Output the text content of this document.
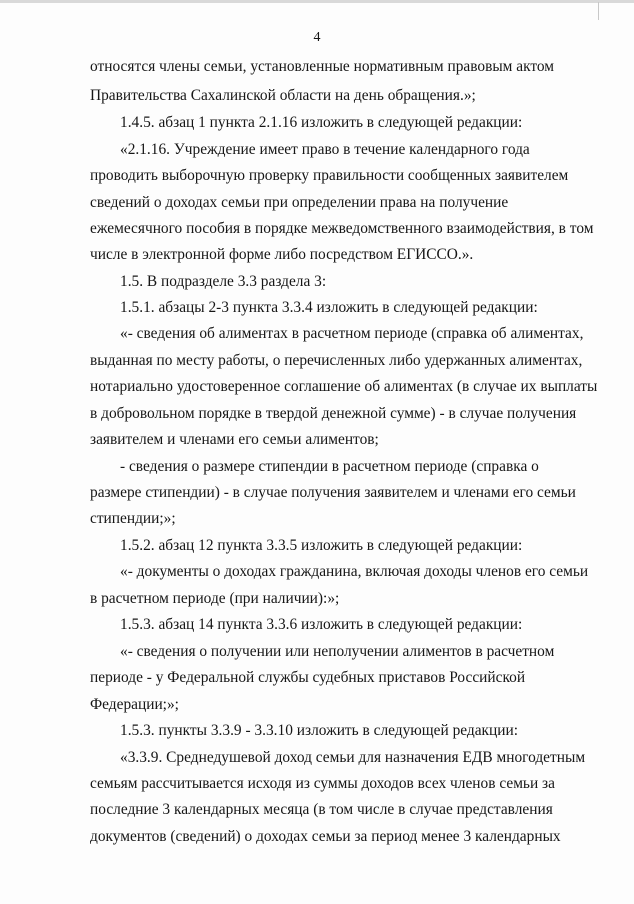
4
относятся члены семьи, установленные нормативным правовым актом
Правительства Сахалинской области на день обращения.»;
1.4.5. абзац 1 пункта 2.1.16 изложить в следующей редакции:
«2.1.16. Учреждение имеет право в течение календарного года
проводить выборочную проверку правильности сообщенных заявителем
сведений о доходах семьи при определении права на получение
ежемесячного пособия в порядке межведомственного взаимодействия, в том
числе в электронной форме либо посредством ЕГИССО.».
1.5. В подразделе 3.3 раздела 3:
1.5.1. абзацы 2-3 пункта 3.3.4 изложить в следующей редакции:
«- сведения об алиментах в расчетном периоде (справка об алиментах,
выданная по месту работы, о перечисленных либо удержанных алиментах,
нотариально удостоверенное соглашение об алиментах (в случае их выплаты
в добровольном порядке в твердой денежной сумме) - в случае получения
заявителем и членами его семьи алиментов;
- сведения о размере стипендии в расчетном периоде (справка о
размере стипендии) - в случае получения заявителем и членами его семьи
стипендии;»;
1.5.2. абзац 12 пункта 3.3.5 изложить в следующей редакции:
«- документы о доходах гражданина, включая доходы членов его семьи
в расчетном периоде (при наличии):»;
1.5.3. абзац 14 пункта 3.3.6 изложить в следующей редакции:
«- сведения о получении или неполучении алиментов в расчетном
периоде - у Федеральной службы судебных приставов Российской
Федерации;»;
1.5.3. пункты 3.3.9 - 3.3.10 изложить в следующей редакции:
«3.3.9. Среднедушевой доход семьи для назначения ЕДВ многодетным
семьям рассчитывается исходя из суммы доходов всех членов семьи за
последние 3 календарных месяца (в том числе в случае представления
документов (сведений) о доходах семьи за период менее 3 календарных
